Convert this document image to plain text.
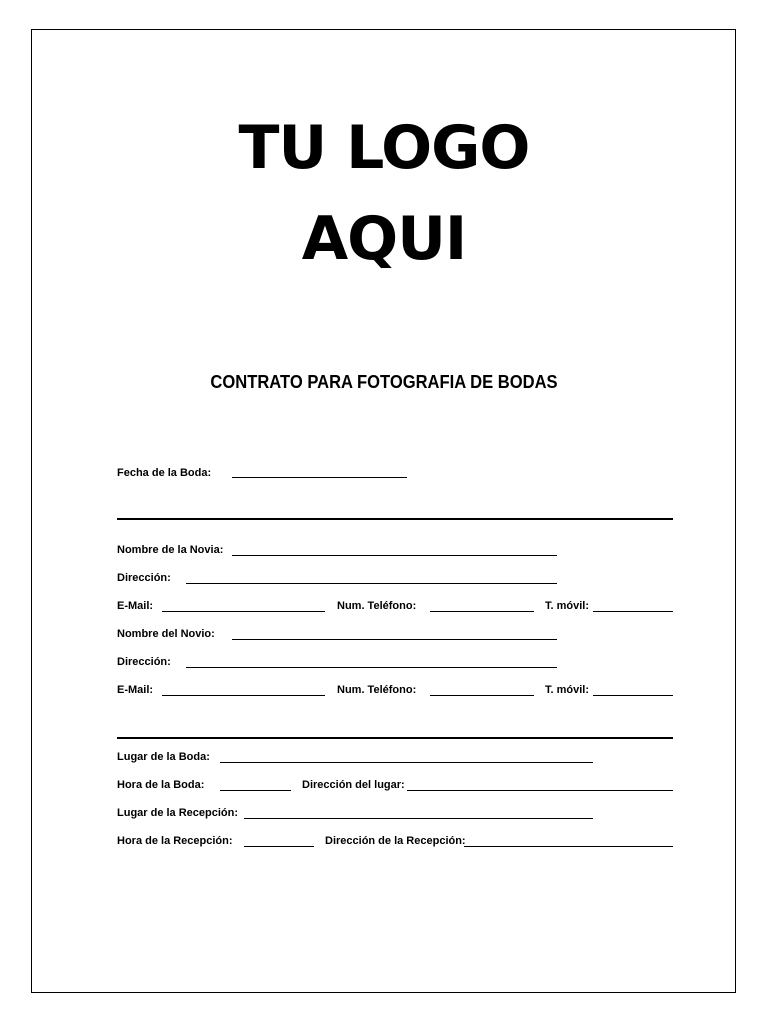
TU LOGO
AQUI
CONTRATO PARA FOTOGRAFIA DE BODAS
Fecha de la Boda:
Nombre de la Novia:
Dirección:
E-Mail:	Num. Teléfono:	T. móvil:
Nombre del Novio:
Dirección:
E-Mail:	Num. Teléfono:	T. móvil:
Lugar de la Boda:
Hora de la Boda:	Dirección del lugar:
Lugar de la Recepción:
Hora de la Recepción:	Dirección de la Recepción:
